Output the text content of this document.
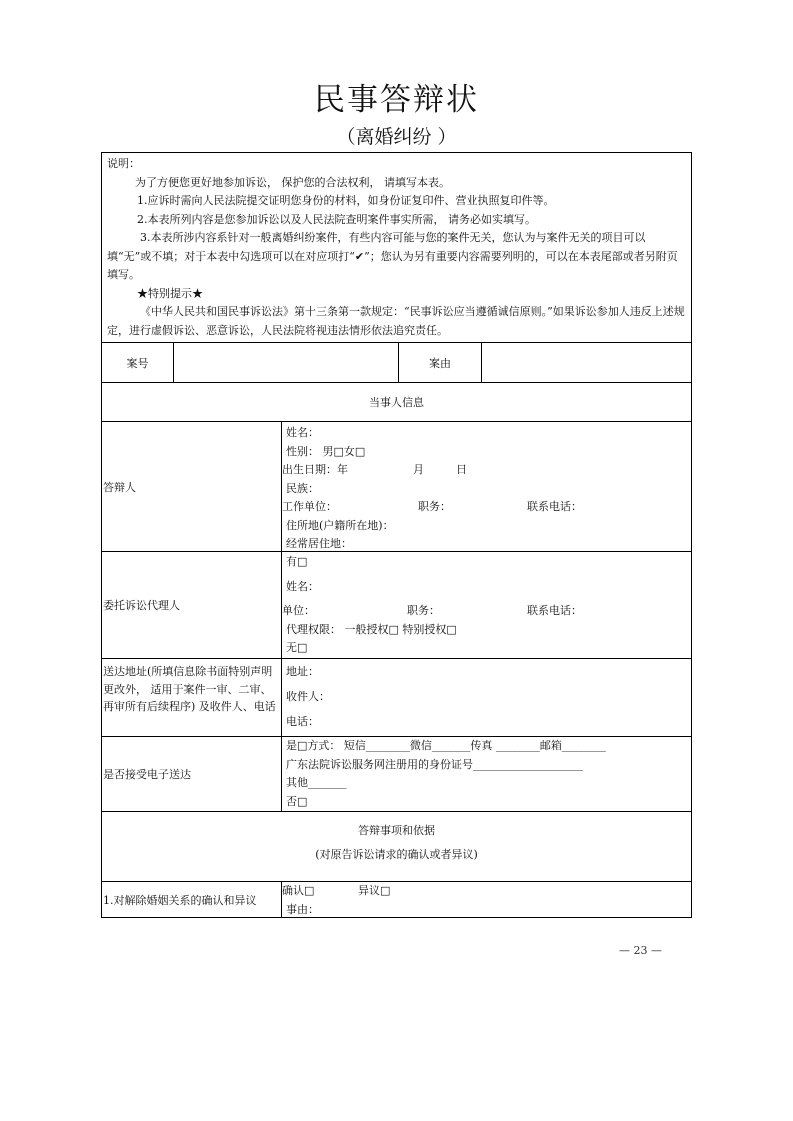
民事答辩状
（离婚纠纷 ）

说明：

为了方便您更好地参加诉讼， 保护您的合法权利， 请填写本表。

1.应诉时需向人民法院提交证明您身份的材料，如身份证复印件、营业执照复印件等。

2.本表所列内容是您参加诉讼以及人民法院查明案件事实所需， 请务必如实填写。

3.本表所涉内容系针对一般离婚纠纷案件，有些内容可能与您的案件无关，您认为与案件无关的项目可以填“无”或不填；对于本表中勾选项可以在对应项打“✔”；您认为另有重要内容需要列明的，可以在本表尾部或者另附页填写。

★特别提示★

《中华人民共和国民事诉讼法》第十三条第一款规定：“民事诉讼应当遵循诚信原则。”如果诉讼参加人违反上述规定，进行虚假诉讼、恶意诉讼，人民法院将视违法情形依法追究责任。

案号	案由
当事人信息
答辩人
姓名：
性别： 男□女□
出生日期：年	月	日
民族：
工作单位：	职务：	联系电话：
住所地(户籍所在地)：
经常居住地：
委托诉讼代理人
有□
姓名：
单位：	职务：	联系电话：
代理权限： 一般授权□ 特别授权□
无□
送达地址(所填信息除书面特别声明更改外， 适用于案件一审、二审、再审所有后续程序) 及收件人、电话
地址：
收件人：
电话：
是否接受电子送达
是□方式： 短信________微信_______传真 ________邮箱________
广东法院诉讼服务网注册用的身份证号____________________
其他_______
否□
答辩事项和依据
(对原告诉讼请求的确认或者异议)
1.对解除婚姻关系的确认和异议
确认□	异议□
事由：
— 23 —
